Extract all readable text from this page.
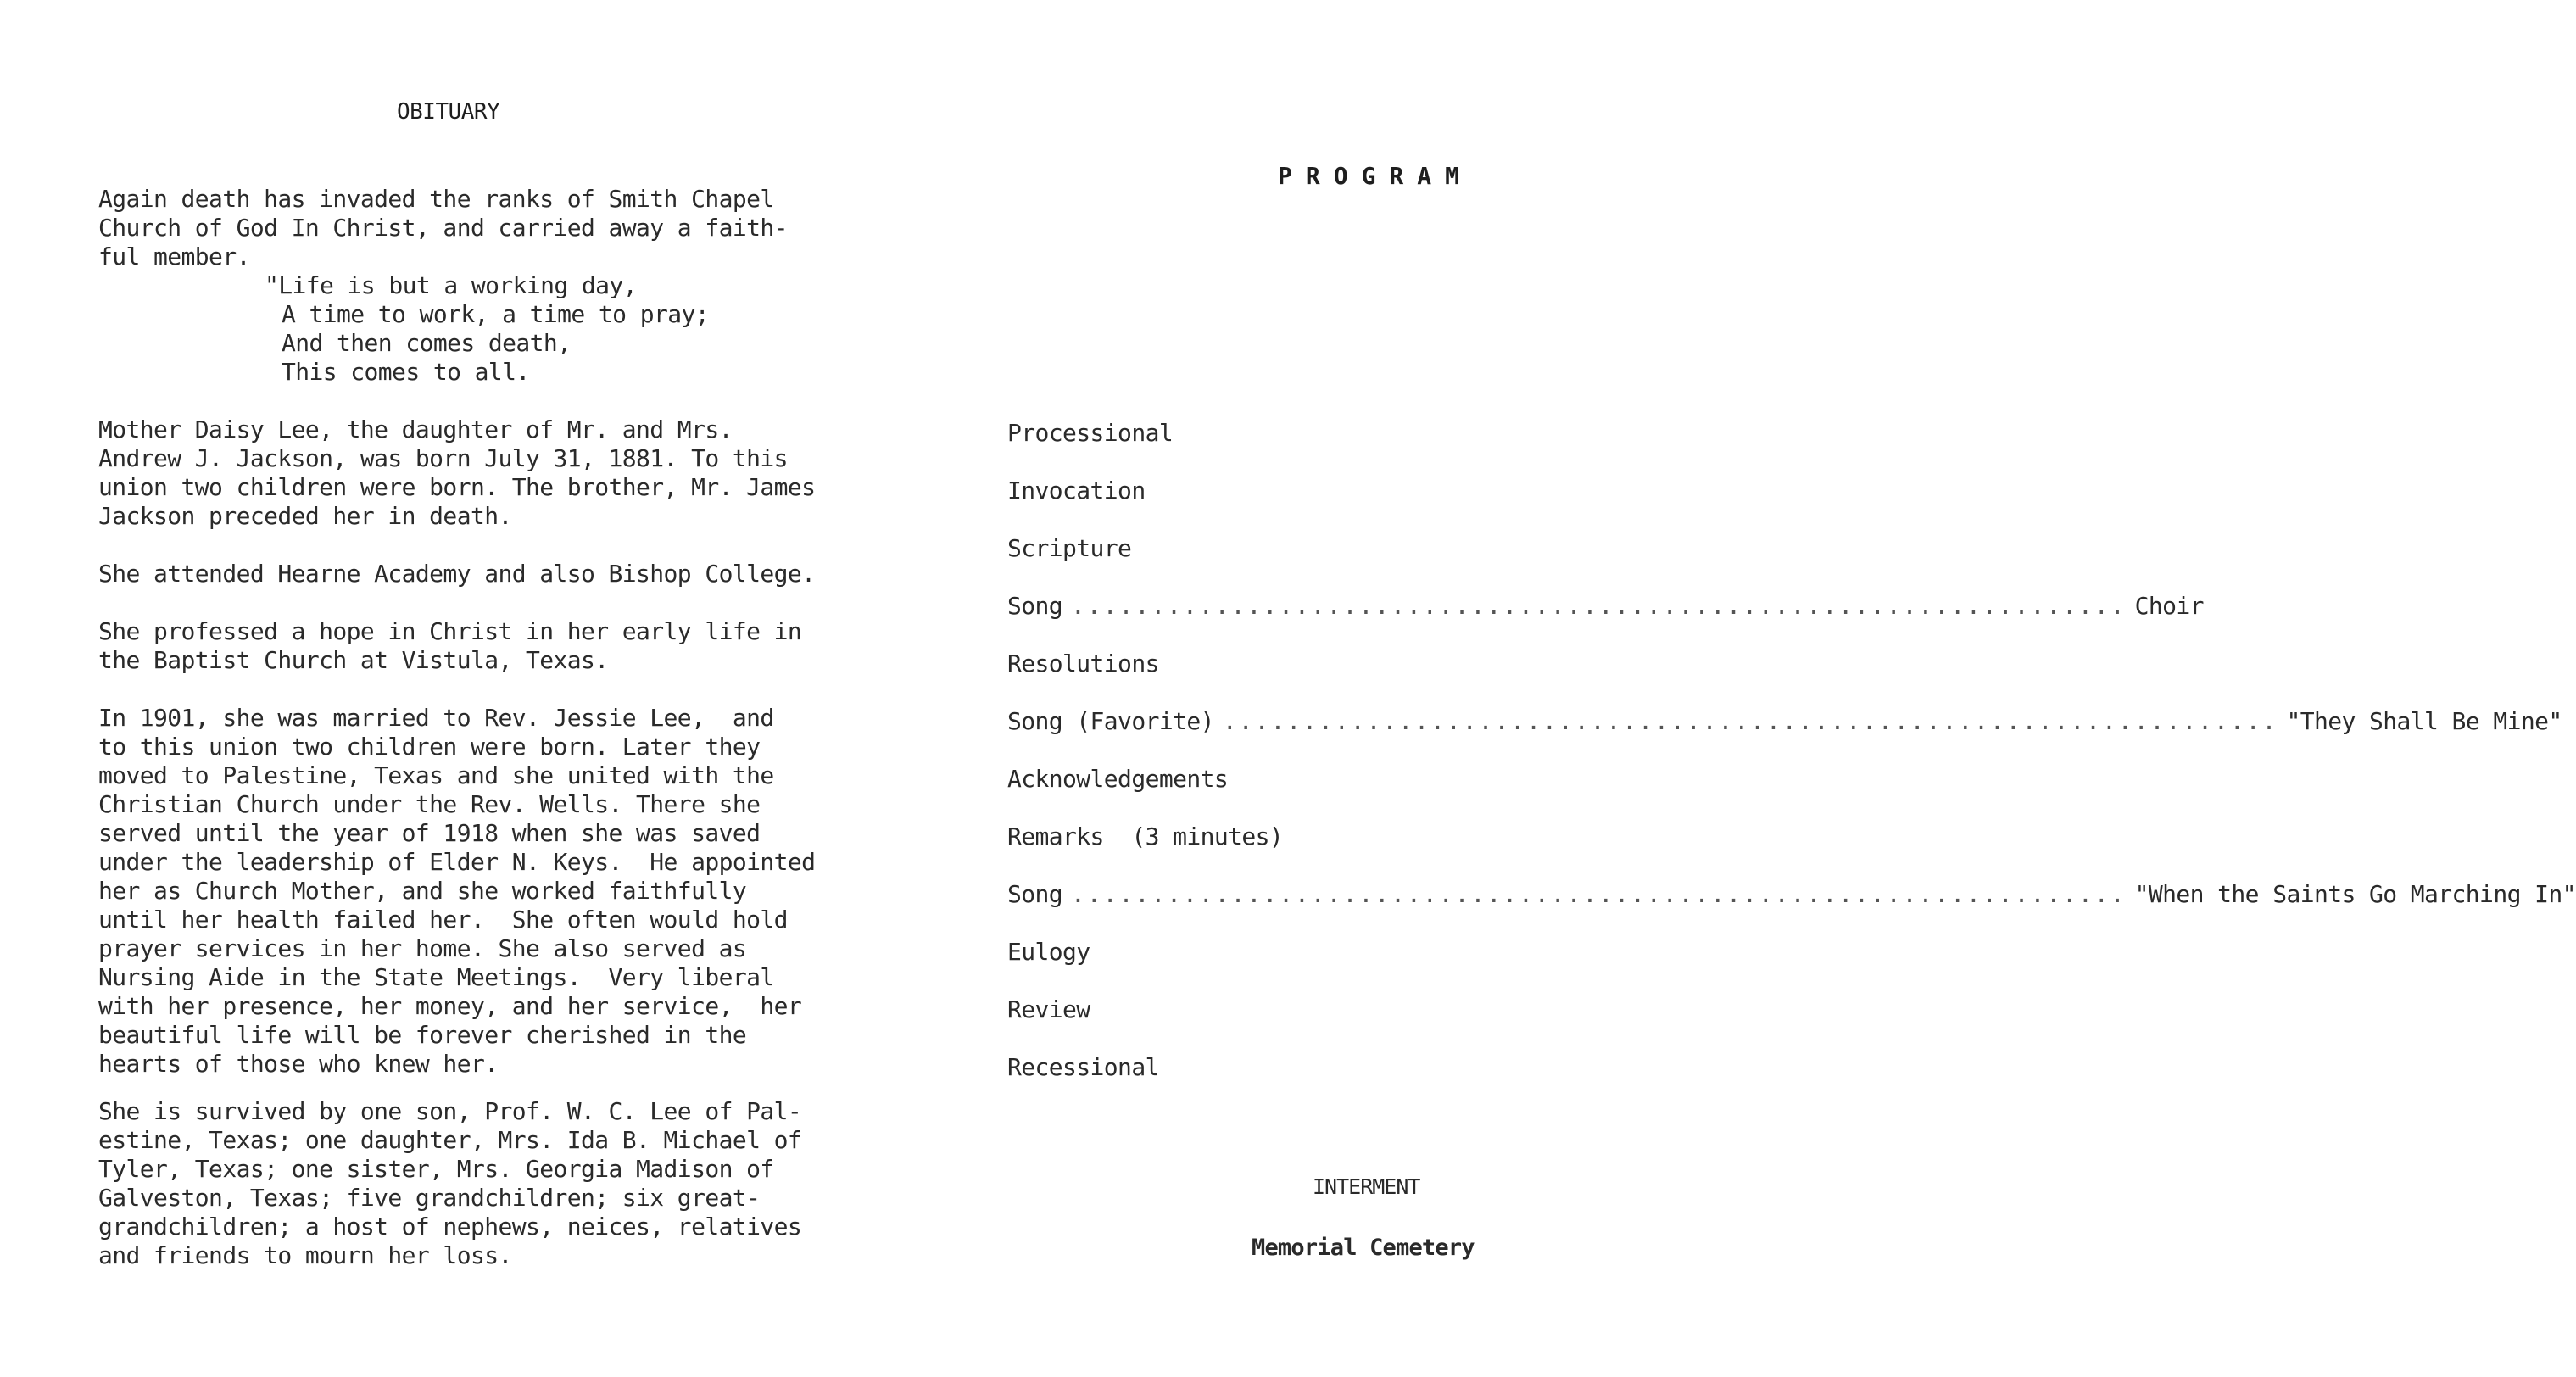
OBITUARY
Again death has invaded the ranks of Smith Chapel
Church of God In Christ, and carried away a faith-
ful member.
"Life is but a working day,
A time to work, a time to pray;
And then comes death,
This comes to all.
Mother Daisy Lee, the daughter of Mr. and Mrs.
Andrew J. Jackson, was born July 31, 1881. To this
union two children were born. The brother, Mr. James
Jackson preceded her in death.
She attended Hearne Academy and also Bishop College.
She professed a hope in Christ in her early life in
the Baptist Church at Vistula, Texas.
In 1901, she was married to Rev. Jessie Lee,  and
to this union two children were born. Later they
moved to Palestine, Texas and she united with the
Christian Church under the Rev. Wells. There she
served until the year of 1918 when she was saved
under the leadership of Elder N. Keys.  He appointed
her as Church Mother, and she worked faithfully
until her health failed her.  She often would hold
prayer services in her home. She also served as
Nursing Aide in the State Meetings.  Very liberal
with her presence, her money, and her service,  her
beautiful life will be forever cherished in the
hearts of those who knew her.
She is survived by one son, Prof. W. C. Lee of Pal-
estine, Texas; one daughter, Mrs. Ida B. Michael of
Tyler, Texas; one sister, Mrs. Georgia Madison of
Galveston, Texas; five grandchildren; six great-
grandchildren; a host of nephews, neices, relatives
and friends to mourn her loss.
PROGRAM
Processional
Invocation
Scripture
Song .................................................................. Choir
Resolutions
Song (Favorite) .................................................................. "They Shall Be Mine"
Acknowledgements
Remarks  (3 minutes)
Song .................................................................. "When the Saints Go Marching In"
Eulogy
Review
Recessional
INTERMENT
Memorial Cemetery
